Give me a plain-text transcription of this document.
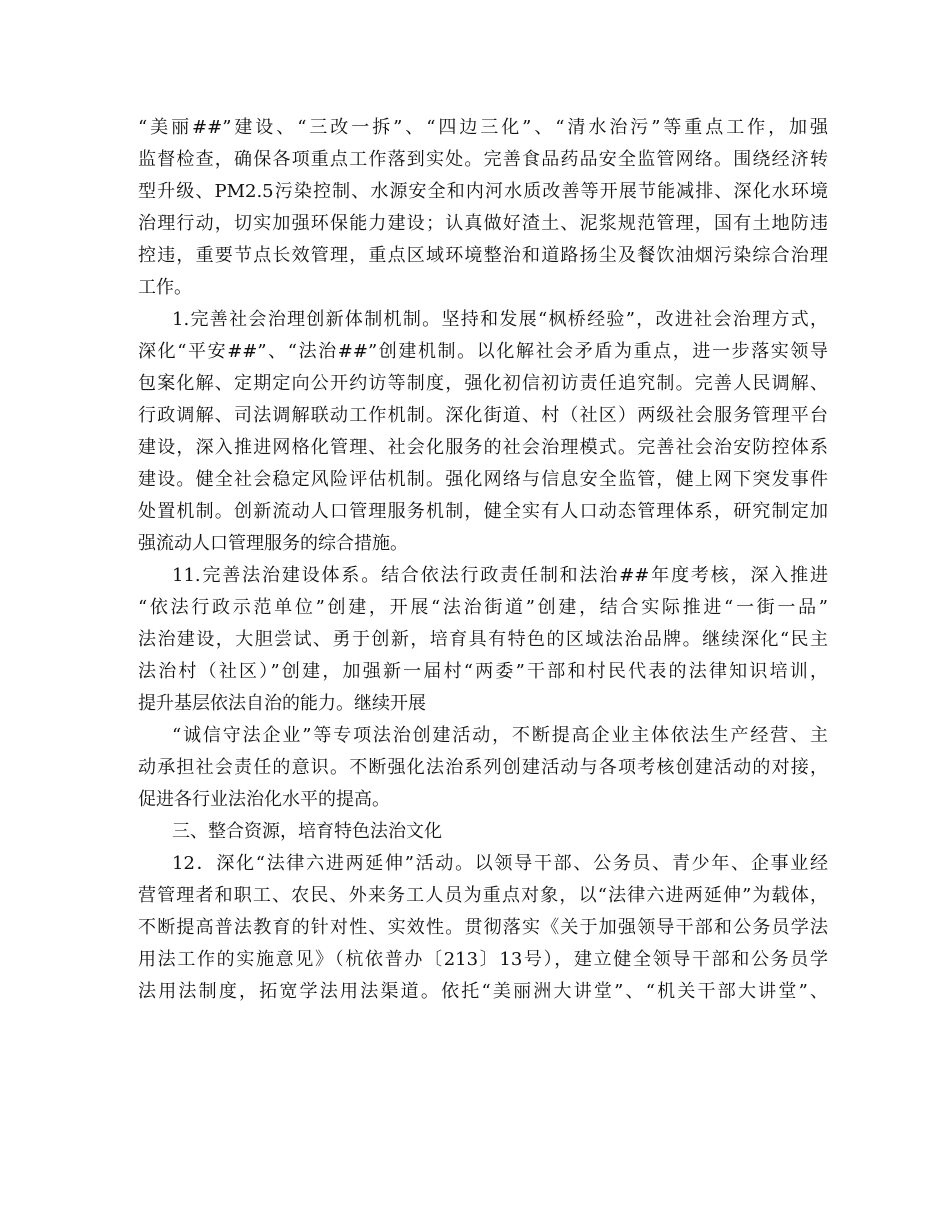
“美丽##”建设、“三改一拆”、“四边三化”、“清水治污”等重点工作，加强
监督检查，确保各项重点工作落到实处。完善食品药品安全监管网络。围绕经济转
型升级、PM2.5污染控制、水源安全和内河水质改善等开展节能减排、深化水环境
治理行动，切实加强环保能力建设；认真做好渣土、泥浆规范管理，国有土地防违
控违，重要节点长效管理，重点区域环境整治和道路扬尘及餐饮油烟污染综合治理
工作。
1.完善社会治理创新体制机制。坚持和发展“枫桥经验”，改进社会治理方式，
深化“平安##”、“法治##”创建机制。以化解社会矛盾为重点，进一步落实领导
包案化解、定期定向公开约访等制度，强化初信初访责任追究制。完善人民调解、
行政调解、司法调解联动工作机制。深化街道、村（社区）两级社会服务管理平台
建设，深入推进网格化管理、社会化服务的社会治理模式。完善社会治安防控体系
建设。健全社会稳定风险评估机制。强化网络与信息安全监管，健上网下突发事件
处置机制。创新流动人口管理服务机制，健全实有人口动态管理体系，研究制定加
强流动人口管理服务的综合措施。
11.完善法治建设体系。结合依法行政责任制和法治##年度考核，深入推进
“依法行政示范单位”创建，开展“法治街道”创建，结合实际推进“一街一品”
法治建设，大胆尝试、勇于创新，培育具有特色的区域法治品牌。继续深化“民主
法治村（社区）”创建，加强新一届村“两委”干部和村民代表的法律知识培训，
提升基层依法自治的能力。继续开展
“诚信守法企业”等专项法治创建活动，不断提高企业主体依法生产经营、主
动承担社会责任的意识。不断强化法治系列创建活动与各项考核创建活动的对接，
促进各行业法治化水平的提高。
三、整合资源，培育特色法治文化
12．深化“法律六进两延伸”活动。以领导干部、公务员、青少年、企事业经
营管理者和职工、农民、外来务工人员为重点对象，以“法律六进两延伸”为载体，
不断提高普法教育的针对性、实效性。贯彻落实《关于加强领导干部和公务员学法
用法工作的实施意见》（杭依普办〔213〕13号），建立健全领导干部和公务员学
法用法制度，拓宽学法用法渠道。依托“美丽洲大讲堂”、“机关干部大讲堂”、
